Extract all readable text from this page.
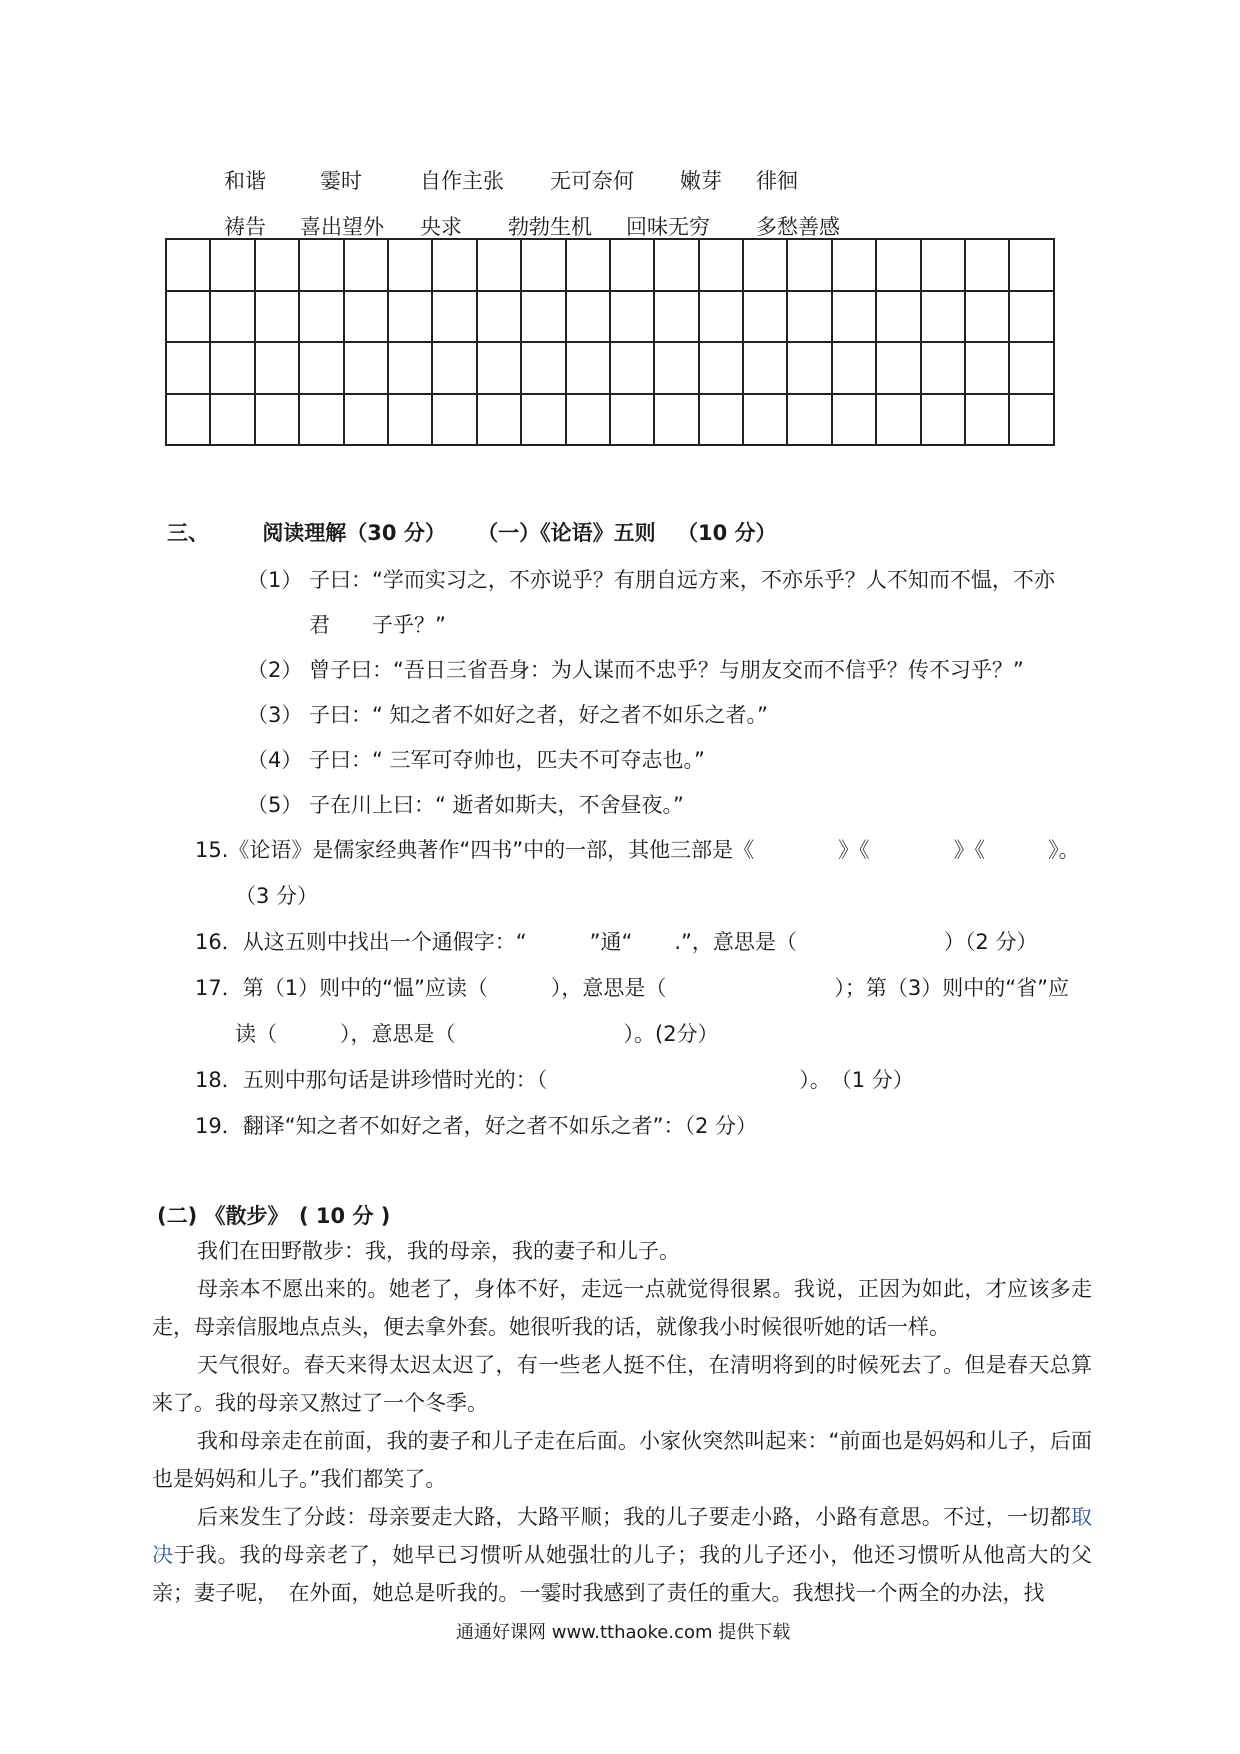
和谐	霎时	自作主张 无可奈何 嫩芽 徘徊
祷告 喜出望外 央求 勃勃生机 回味无穷 多愁善感

三、	阅读理解（30 分） （一）《论语》五则 （10 分）
（1） 子曰：“学而实习之，不亦说乎？有朋自远方来，不亦乐乎？人不知而不愠，不亦
君　　子乎？”
（2） 曾子曰：“吾日三省吾身：为人谋而不忠乎？与朋友交而不信乎？传不习乎？”
（3） 子曰：“ 知之者不如好之者，好之者不如乐之者。”
（4） 子曰：“ 三军可夺帅也，匹夫不可夺志也。”
（5） 子在川上曰：“ 逝者如斯夫，不舍昼夜。”
15.《论语》是儒家经典著作“四书”中的一部，其他三部是《　　　　》《　　　　》《　　　》。
（3 分）
16．从这五则中找出一个通假字：“　　　”通“　　.”，意思是（　　　　　　　）（2 分）
17．第（1）则中的“愠”应读（　　　），意思是（　　　　　　　　）；第（3）则中的“省”应
读（　　　），意思是（　　　　　　　　）。(2分）
18．五则中那句话是讲珍惜时光的：（　　　　　　　　　　　　）。　（1 分）
19．翻译“知之者不如好之者，好之者不如乐之者”：（2 分）
(二) 《散步》　( 10 分 )

我们在田野散步：我，我的母亲，我的妻子和儿子。

母亲本不愿出来的。她老了，身体不好，走远一点就觉得很累。我说，正因为如此，才应该多走走，母亲信服地点点头，便去拿外套。她很听我的话，就像我小时候很听她的话一样。

天气很好。春天来得太迟太迟了，有一些老人挺不住，在清明将到的时候死去了。但是春天总算来了。我的母亲又熬过了一个冬季。

我和母亲走在前面，我的妻子和儿子走在后面。小家伙突然叫起来：“前面也是妈妈和儿子，后面也是妈妈和儿子。”我们都笑了。

后来发生了分歧：母亲要走大路，大路平顺；我的儿子要走小路，小路有意思。不过，一切都取决于我。我的母亲老了，她早已习惯听从她强壮的儿子；我的儿子还小，他还习惯听从他高大的父亲；妻子呢，　在外面，她总是听我的。一霎时我感到了责任的重大。我想找一个两全的办法，找

通通好课网 www.tthaoke.com 提供下载
